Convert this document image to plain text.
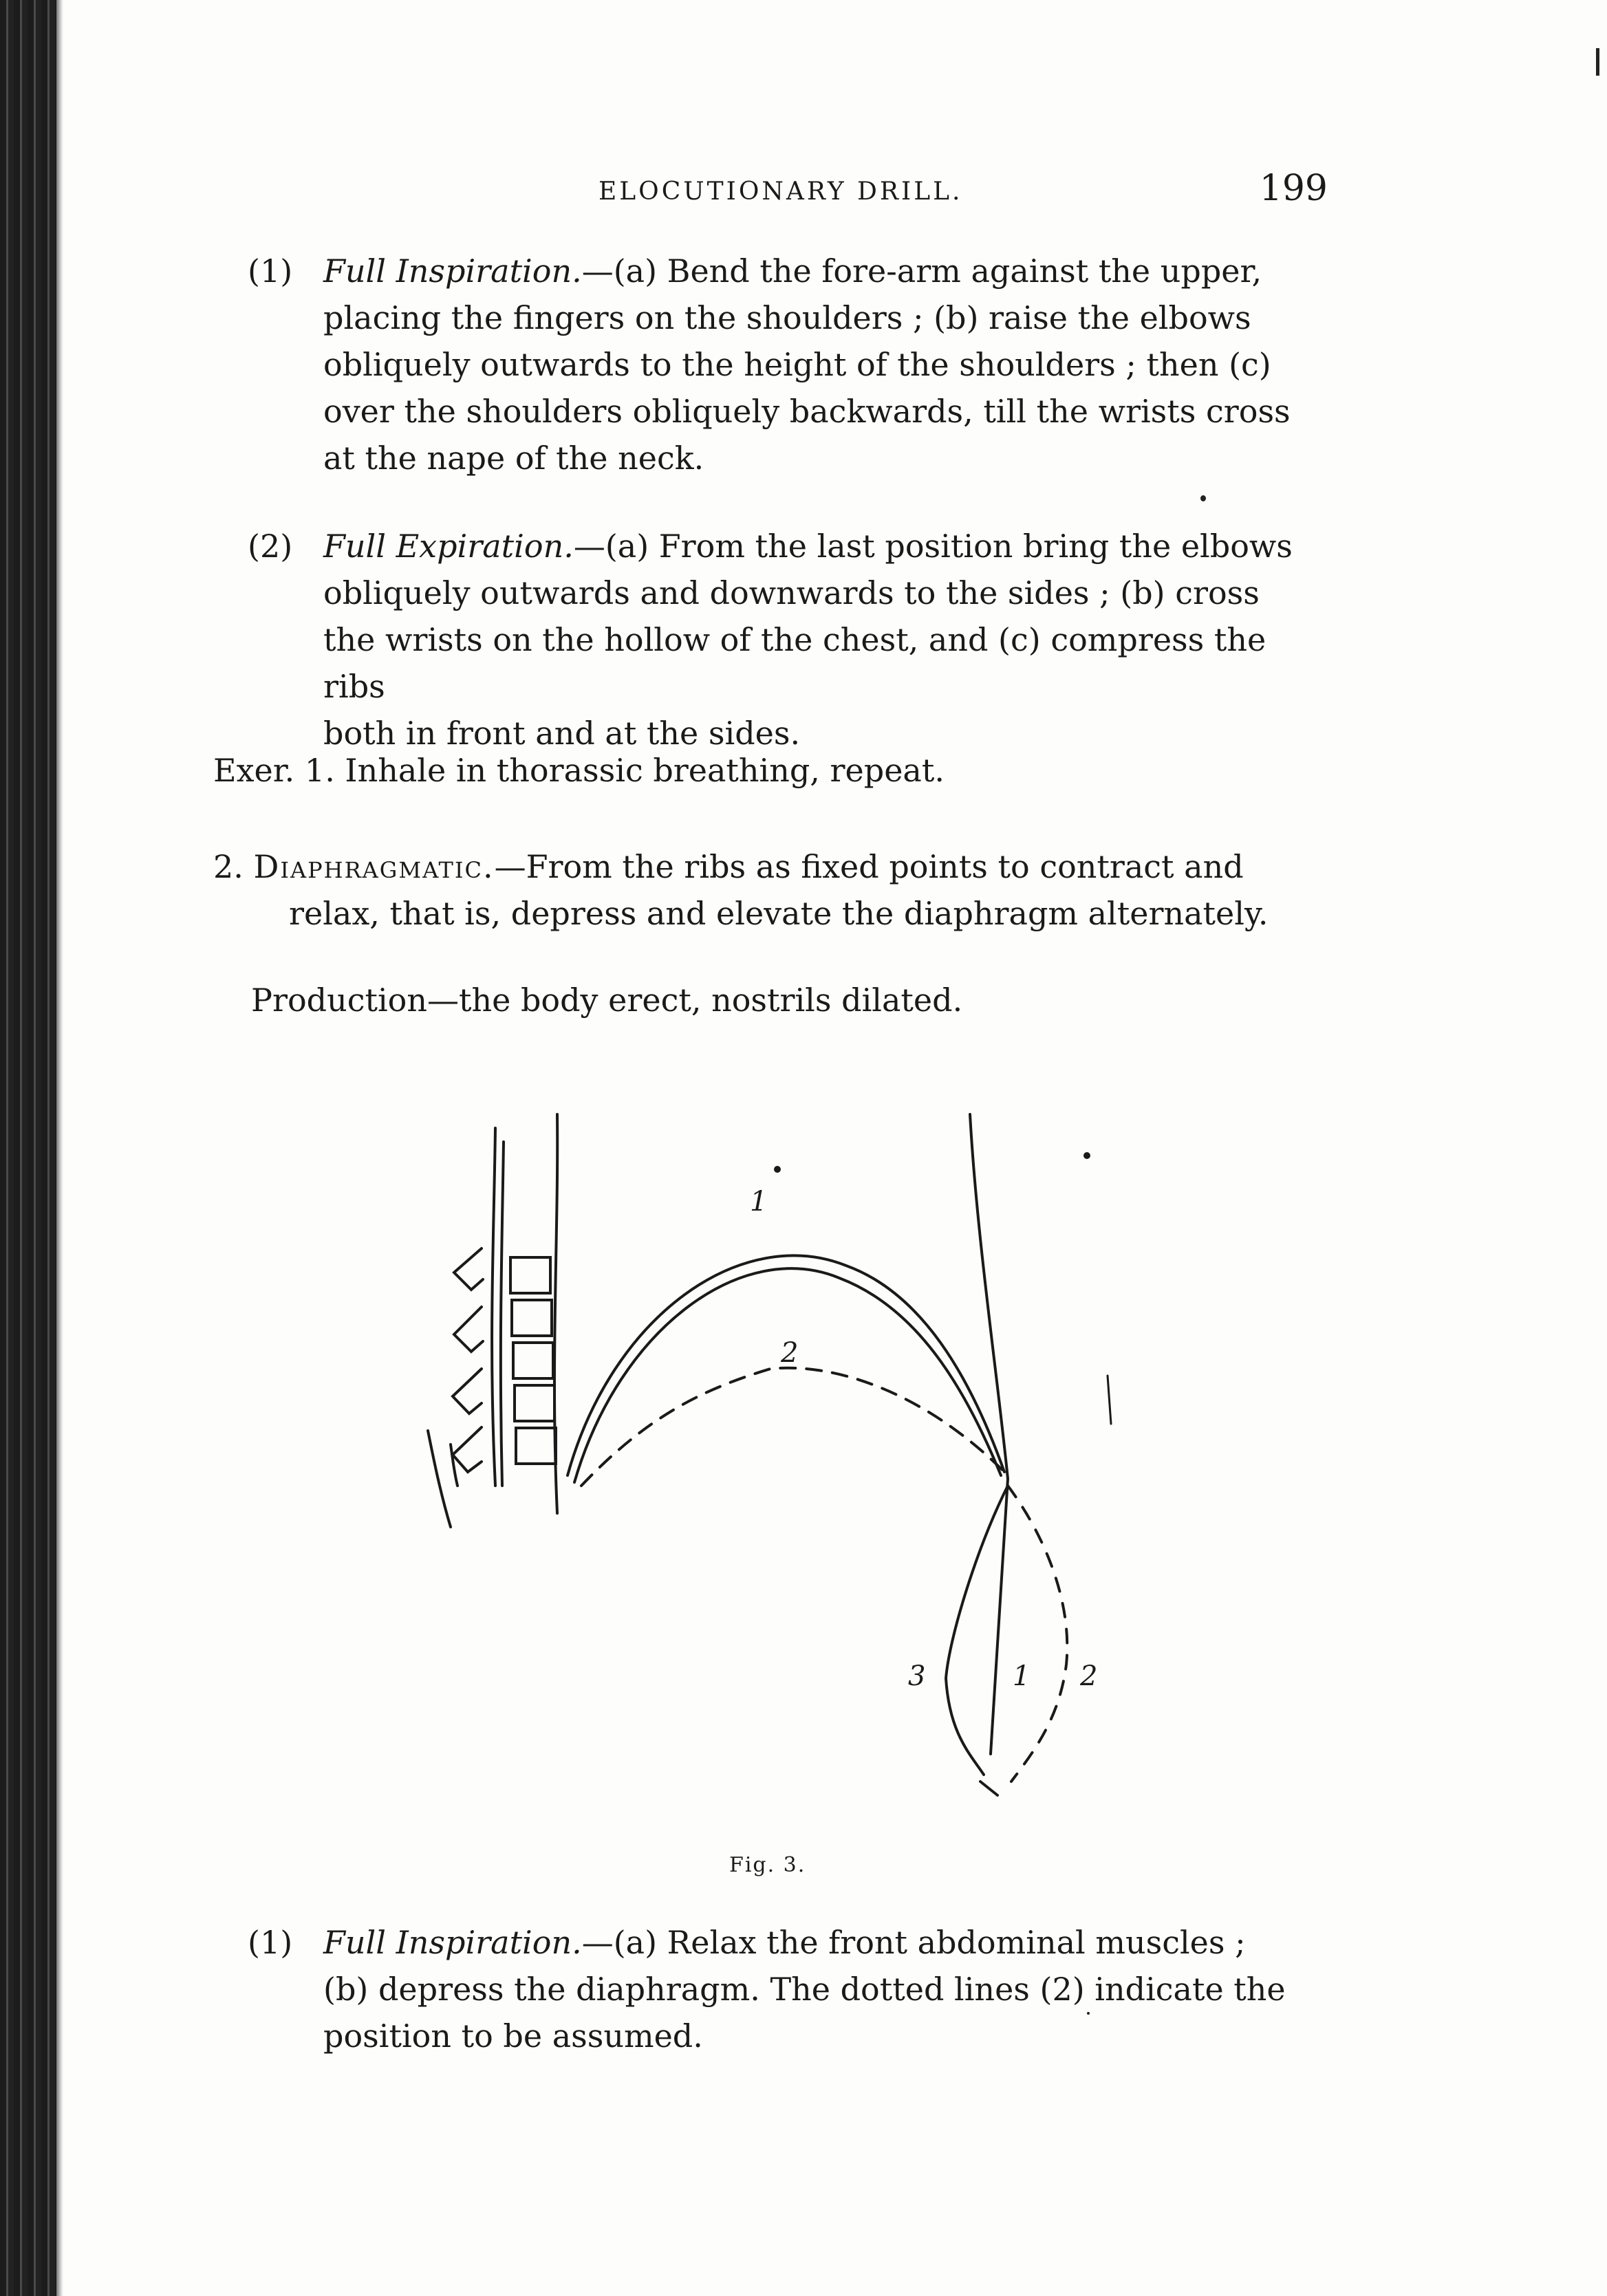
ELOCUTIONARY DRILL.	199
(1) Full Inspiration.—(a) Bend the fore-arm against the upper,
placing the fingers on the shoulders ; (b) raise the elbows
obliquely outwards to the height of the shoulders ; then (c)
over the shoulders obliquely backwards, till the wrists cross
at the nape of the neck.
(2) Full Expiration.—(a) From the last position bring the elbows
obliquely outwards and downwards to the sides ; (b) cross
the wrists on the hollow of the chest, and (c) compress the ribs
both in front and at the sides.
Exer. 1. Inhale in thorassic breathing, repeat.
2. Diaphragmatic.—From the ribs as fixed points to contract and
relax, that is, depress and elevate the diaphragm alternately.
Production—the body erect, nostrils dilated.
1
2
3	1 2
Fig. 3.
(1) Full Inspiration.—(a) Relax the front abdominal muscles ;
(b) depress the diaphragm. The dotted lines (2) indicate the
position to be assumed.
